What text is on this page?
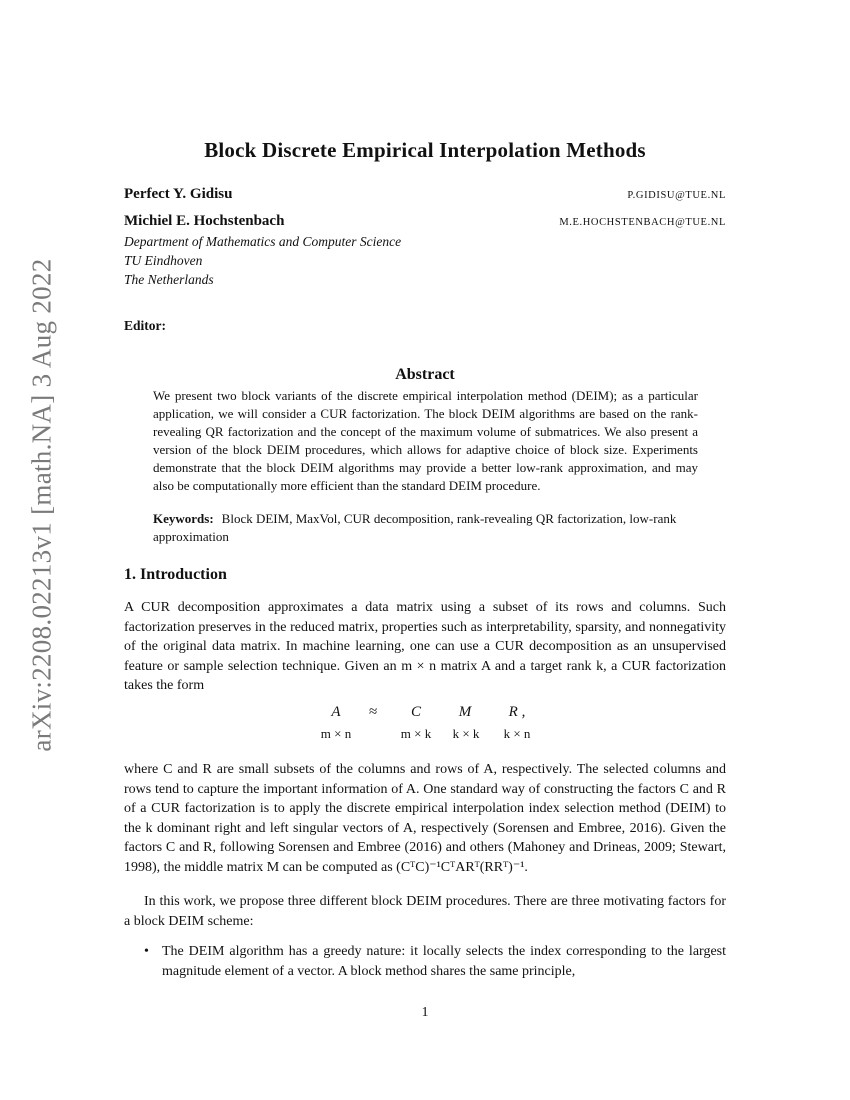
arXiv:2208.02213v1 [math.NA] 3 Aug 2022
Block Discrete Empirical Interpolation Methods
Perfect Y. Gidisu	P.GIDISU@TUE.NL
Michiel E. Hochstenbach	M.E.HOCHSTENBACH@TUE.NL
Department of Mathematics and Computer Science
TU Eindhoven
The Netherlands
Editor:
Abstract

We present two block variants of the discrete empirical interpolation method (DEIM); as a particular application, we will consider a CUR factorization. The block DEIM algorithms are based on the rank-revealing QR factorization and the concept of the maximum volume of submatrices. We also present a version of the block DEIM procedures, which allows for adaptive choice of block size. Experiments demonstrate that the block DEIM algorithms may provide a better low-rank approximation, and may also be computationally more efficient than the standard DEIM procedure.

Keywords: Block DEIM, MaxVol, CUR decomposition, rank-revealing QR factorization, low-rank approximation

1. Introduction

A CUR decomposition approximates a data matrix using a subset of its rows and columns. Such factorization preserves in the reduced matrix, properties such as interpretability, sparsity, and nonnegativity of the original data matrix. In machine learning, one can use a CUR decomposition as an unsupervised feature or sample selection technique. Given an m × n matrix A and a target rank k, a CUR factorization takes the form

A	≈	C	M	R ,
m × n	m × k	k × k	k × n

where C and R are small subsets of the columns and rows of A, respectively. The selected columns and rows tend to capture the important information of A. One standard way of constructing the factors C and R of a CUR factorization is to apply the discrete empirical interpolation index selection method (DEIM) to the k dominant right and left singular vectors of A, respectively (Sorensen and Embree, 2016). Given the factors C and R, following Sorensen and Embree (2016) and others (Mahoney and Drineas, 2009; Stewart, 1998), the middle matrix M can be computed as (CᵀC)⁻¹CᵀARᵀ(RRᵀ)⁻¹.

In this work, we propose three different block DEIM procedures. There are three motivating factors for a block DEIM scheme:

• The DEIM algorithm has a greedy nature: it locally selects the index corresponding to the largest magnitude element of a vector. A block method shares the same principle,
1
